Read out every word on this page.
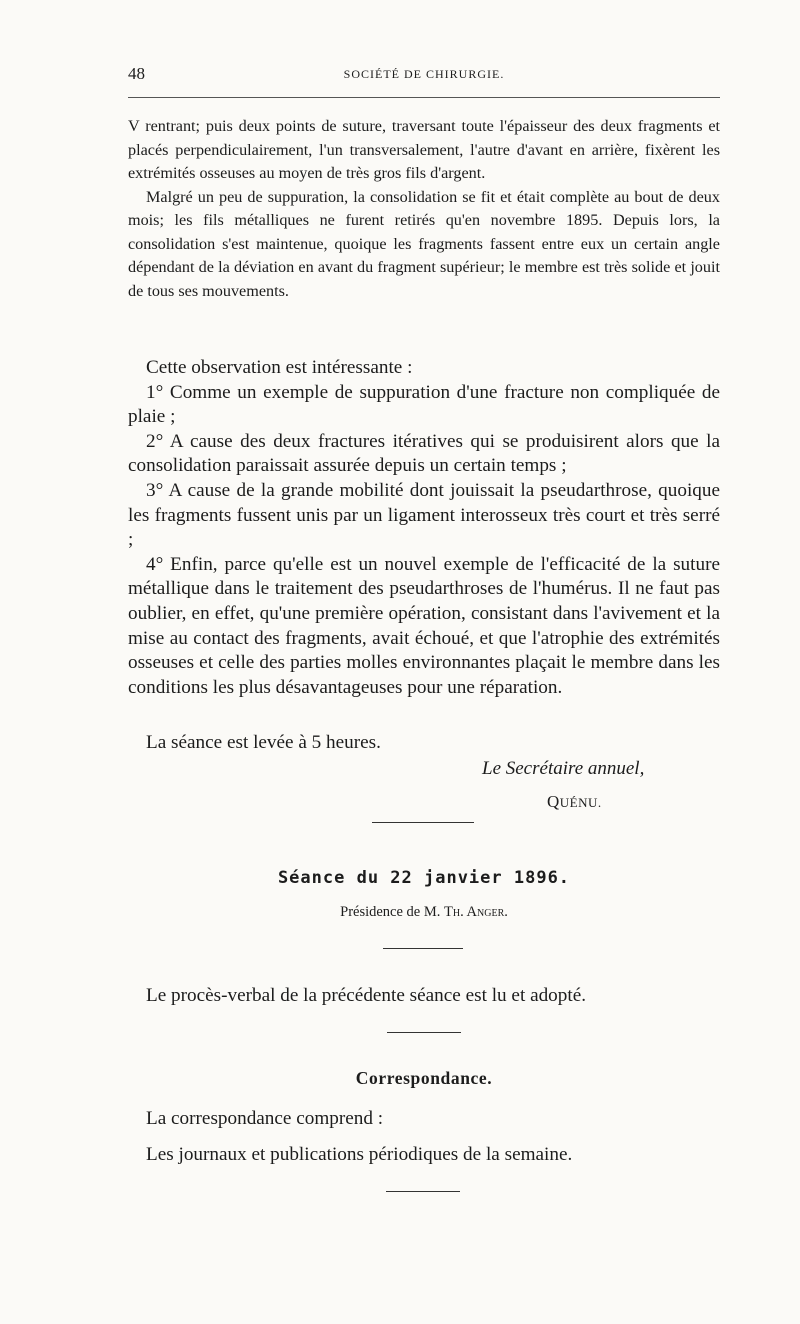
48	SOCIÉTÉ DE CHIRURGIE.

V rentrant; puis deux points de suture, traversant toute l'épaisseur des deux fragments et placés perpendiculairement, l'un transversalement, l'autre d'avant en arrière, fixèrent les extrémités osseuses au moyen de très gros fils d'argent.

Malgré un peu de suppuration, la consolidation se fit et était complète au bout de deux mois; les fils métalliques ne furent retirés qu'en novembre 1895. Depuis lors, la consolidation s'est maintenue, quoique les fragments fassent entre eux un certain angle dépendant de la déviation en avant du fragment supérieur; le membre est très solide et jouit de tous ses mouvements.

Cette observation est intéressante :

1° Comme un exemple de suppuration d'une fracture non compliquée de plaie ;

2° A cause des deux fractures itératives qui se produisirent alors que la consolidation paraissait assurée depuis un certain temps ;

3° A cause de la grande mobilité dont jouissait la pseudarthrose, quoique les fragments fussent unis par un ligament interosseux très court et très serré ;

4° Enfin, parce qu'elle est un nouvel exemple de l'efficacité de la suture métallique dans le traitement des pseudarthroses de l'humérus. Il ne faut pas oublier, en effet, qu'une première opération, consistant dans l'avivement et la mise au contact des fragments, avait échoué, et que l'atrophie des extrémités osseuses et celle des parties molles environnantes plaçait le membre dans les conditions les plus désavantageuses pour une réparation.

La séance est levée à 5 heures.
Le Secrétaire annuel,
QUÉNU.
Séance du 22 janvier 1896.
Présidence de M. Th. Anger.
Le procès-verbal de la précédente séance est lu et adopté.
Correspondance.
La correspondance comprend :
Les journaux et publications périodiques de la semaine.
